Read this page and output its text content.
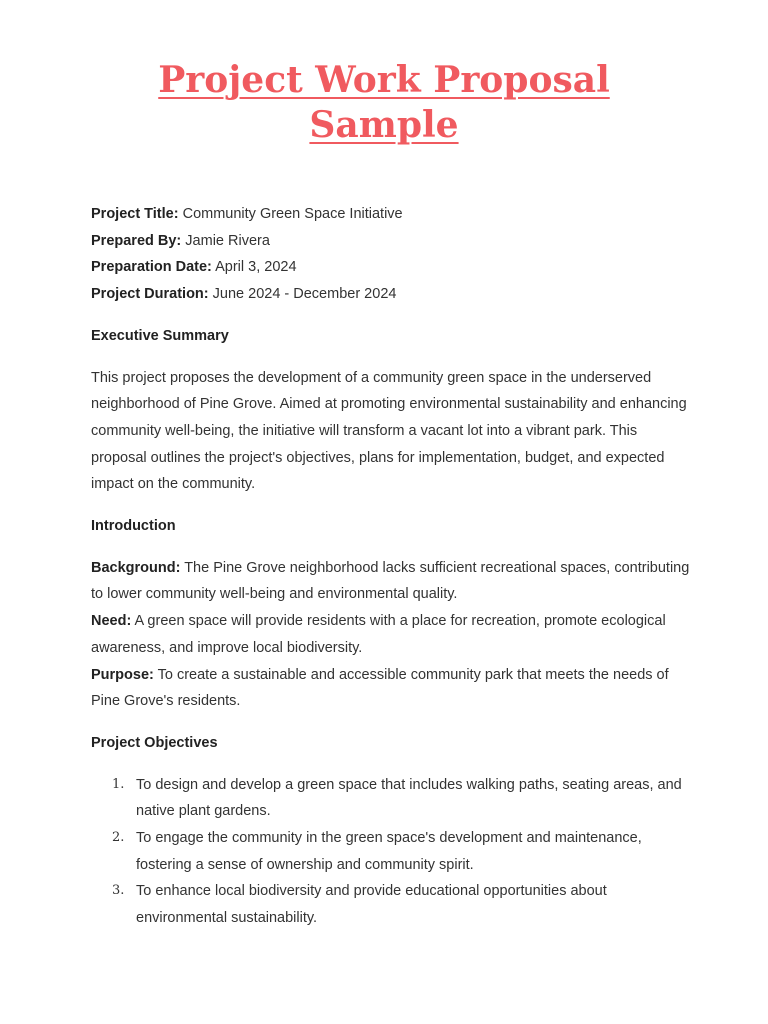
Project Work Proposal
Sample
Project Title: Community Green Space Initiative
Prepared By: Jamie Rivera
Preparation Date: April 3, 2024
Project Duration: June 2024 - December 2024
Executive Summary

This project proposes the development of a community green space in the underserved neighborhood of Pine Grove. Aimed at promoting environmental sustainability and enhancing community well-being, the initiative will transform a vacant lot into a vibrant park. This proposal outlines the project's objectives, plans for implementation, budget, and expected impact on the community.

Introduction

Background: The Pine Grove neighborhood lacks sufficient recreational spaces, contributing to lower community well-being and environmental quality.

Need: A green space will provide residents with a place for recreation, promote ecological awareness, and improve local biodiversity.

Purpose: To create a sustainable and accessible community park that meets the needs of Pine Grove's residents.

Project Objectives
1. To design and develop a green space that includes walking paths, seating areas, and native plant gardens.
2. To engage the community in the green space's development and maintenance, fostering a sense of ownership and community spirit.
3. To enhance local biodiversity and provide educational opportunities about environmental sustainability.
